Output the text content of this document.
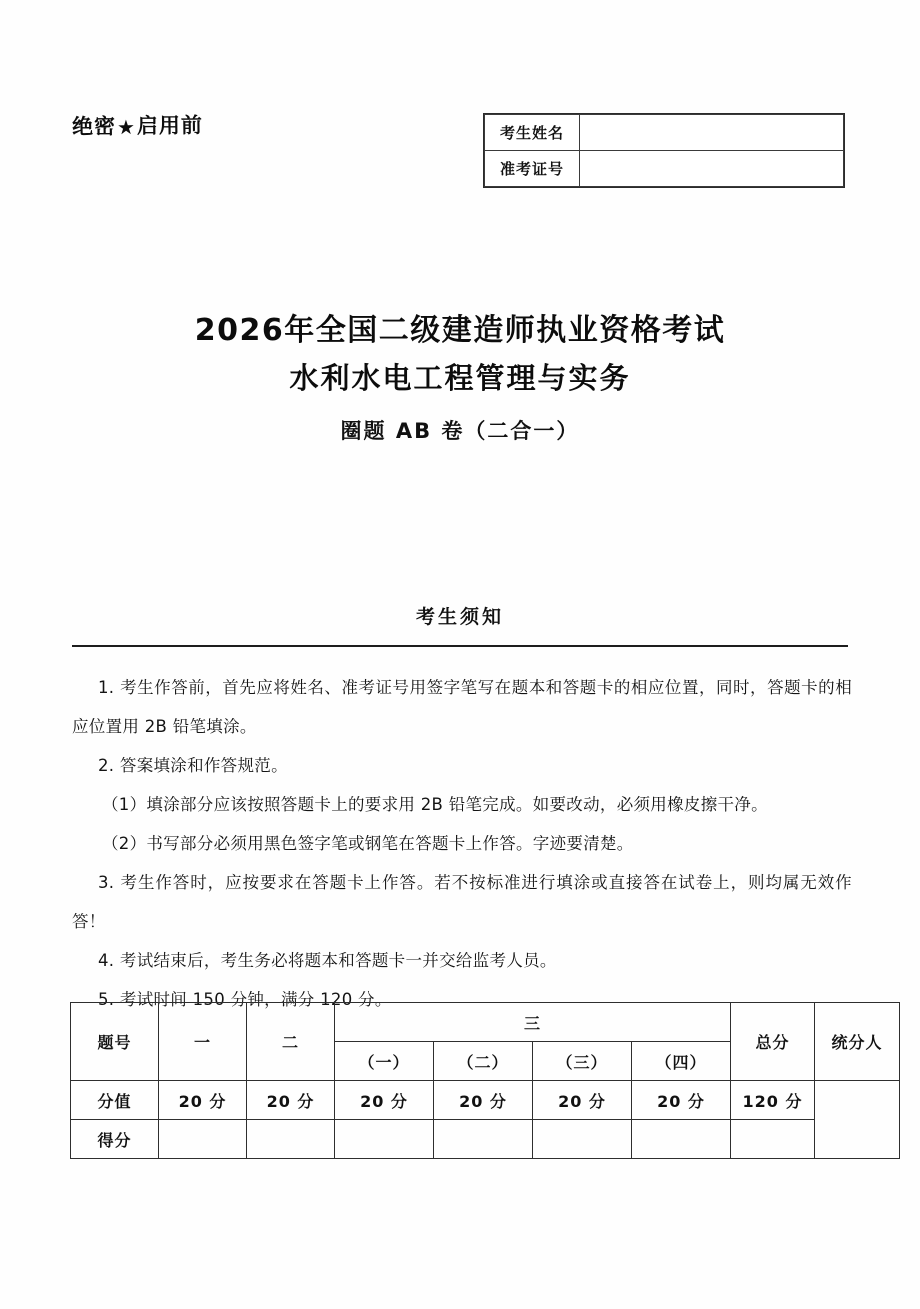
绝密★启用前	考生姓名	
准考证号	
2026年全国二级建造师执业资格考试
水利水电工程管理与实务
圈题 AB 卷（二合一）
考生须知

1. 考生作答前，首先应将姓名、准考证号用签字笔写在题本和答题卡的相应位置，同时，答题卡的相应位置用 2B 铅笔填涂。

2. 答案填涂和作答规范。

（1）填涂部分应该按照答题卡上的要求用 2B 铅笔完成。如要改动，必须用橡皮擦干净。

（2）书写部分必须用黑色签字笔或钢笔在答题卡上作答。字迹要清楚。

3. 考生作答时，应按要求在答题卡上作答。若不按标准进行填涂或直接答在试卷上，则均属无效作答！

4. 考试结束后，考生务必将题本和答题卡一并交给监考人员。

5. 考试时间 150 分钟，满分 120 分。

题号	一	二	三				总分	统分人
			（一）	（二）	（三）	（四）		
分值	20 分	20 分	20 分	20 分	20 分	20 分	120 分	
得分								
